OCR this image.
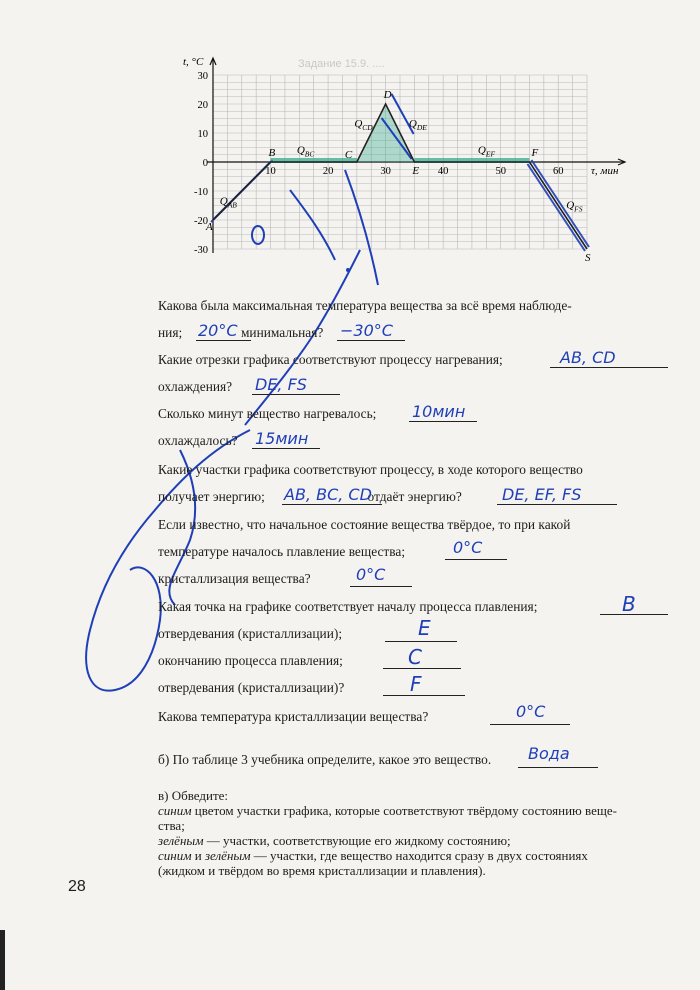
Задание 15.9. ....
t, °C
τ, мин
30
20
10
0
-10
-20
-30
10	20	30	40	50	60
A
B	C
D
E
F
S
$Q_{AB}$
$Q_{BC}$
$Q_{CD}$	$Q_{DE}$
$Q_{EF}$
$Q_{FS}$
Какова была максимальная температура вещества за всё время наблюде-
ния;	минимальная?
20°C	−30°C
Какие отрезки графика соответствуют процессу нагревания;	AB, CD
охлаждения? DE, FS
Сколько минут вещество нагревалось; 10мин
охлаждалось? 15мин
Какие участки графика соответствуют процессу, в ходе которого вещество
получает энергию;	отдаёт энергию?
AB, BC, CD	DE, EF, FS
Если известно, что начальное состояние вещества твёрдое, то при какой
температуре началось плавление вещества;	0°C
кристаллизация вещества?	0°C
Какая точка на графике соответствует началу процесса плавления;	B
отвердевания (кристаллизации);	E
окончанию процесса плавления;	C
отвердевания (кристаллизации)?	F
Какова температура кристаллизации вещества?	0°C
б) По таблице 3 учебника определите, какое это вещество. Вода
в) Обведите:
синим цветом участки графика, которые соответствуют твёрдому состоянию веще-
ства;
зелёным — участки, соответствующие его жидкому состоянию;
синим и зелёным — участки, где вещество находится сразу в двух состояниях
(жидком и твёрдом во время кристаллизации и плавления).
28
